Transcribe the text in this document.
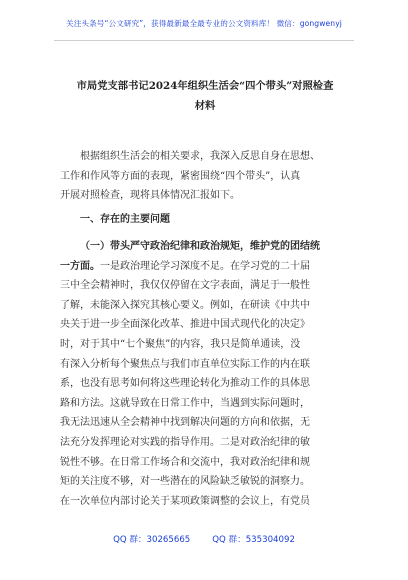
关注头条号“公文研究”，获得最新最全最专业的公文资料库！ 微信：gongwenyj
市局党支部书记2024年组织生活会“四个带头”对照检查
材料
根据组织生活会的相关要求，我深入反思自身在思想、
工作和作风等方面的表现，紧密围绕“四个带头”，认真
开展对照检查，现将具体情况汇报如下。
一、存在的主要问题
（一）带头严守政治纪律和政治规矩，维护党的团结统
一方面。一是政治理论学习深度不足。在学习党的二十届
三中全会精神时，我仅仅停留在文字表面，满足于一般性
了解，未能深入探究其核心要义。例如，在研读《中共中
央关于进一步全面深化改革、推进中国式现代化的决定》
时，对于其中“七个聚焦”的内容，我只是简单通读，没
有深入分析每个聚焦点与我们市直单位实际工作的内在联
系，也没有思考如何将这些理论转化为推动工作的具体思
路和方法。这就导致在日常工作中，当遇到实际问题时，
我无法迅速从全会精神中找到解决问题的方向和依据，无
法充分发挥理论对实践的指导作用。二是对政治纪律的敏
锐性不够。在日常工作场合和交流中，我对政治纪律和规
矩的关注度不够，对一些潜在的风险缺乏敏锐的洞察力。
在一次单位内部讨论关于某项政策调整的会议上，有党员
QQ 群：30265665	QQ 群：535304092
